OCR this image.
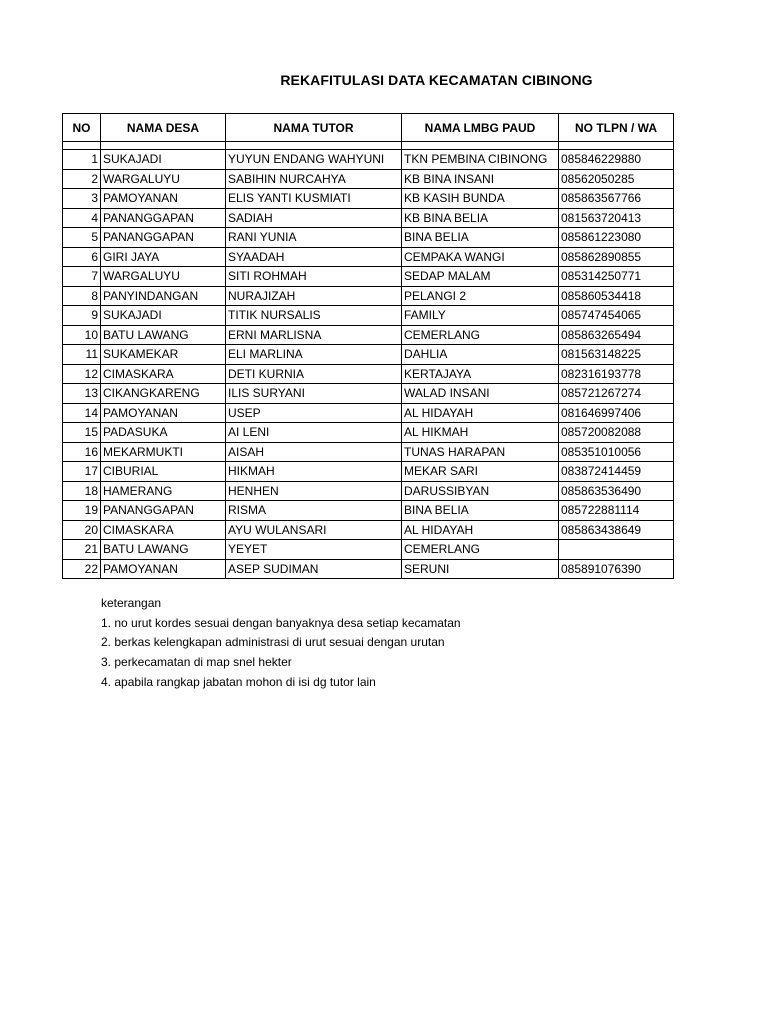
REKAFITULASI DATA KECAMATAN CIBINONG
NO	NAMA DESA	NAMA TUTOR	NAMA LMBG PAUD	NO TLPN / WA

1	SUKAJADI	YUYUN ENDANG WAHYUNI	TKN PEMBINA CIBINONG	085846229880
2	WARGALUYU	SABIHIN NURCAHYA	KB BINA INSANI	08562050285
3	PAMOYANAN	ELIS YANTI KUSMIATI	KB KASIH BUNDA	085863567766
4	PANANGGAPAN	SADIAH	KB BINA BELIA	081563720413
5	PANANGGAPAN	RANI YUNIA	BINA BELIA	085861223080
6	GIRI JAYA	SYAADAH	CEMPAKA WANGI	085862890855
7	WARGALUYU	SITI ROHMAH	SEDAP MALAM	085314250771
8	PANYINDANGAN	NURAJIZAH	PELANGI 2	085860534418
9	SUKAJADI	TITIK NURSALIS	FAMILY	085747454065
10	BATU LAWANG	ERNI MARLISNA	CEMERLANG	085863265494
11	SUKAMEKAR	ELI MARLINA	DAHLIA	081563148225
12	CIMASKARA	DETI KURNIA	KERTAJAYA	082316193778
13	CIKANGKARENG	ILIS SURYANI	WALAD INSANI	085721267274
14	PAMOYANAN	USEP	AL HIDAYAH	081646997406
15	PADASUKA	AI LENI	AL HIKMAH	085720082088
16	MEKARMUKTI	AISAH	TUNAS HARAPAN	085351010056
17	CIBURIAL	HIKMAH	MEKAR SARI	083872414459
18	HAMERANG	HENHEN	DARUSSIBYAN	085863536490
19	PANANGGAPAN	RISMA	BINA BELIA	085722881114
20	CIMASKARA	AYU WULANSARI	AL HIDAYAH	085863438649
21	BATU LAWANG	YEYET	CEMERLANG	
22	PAMOYANAN	ASEP SUDIMAN	SERUNI	085891076390
keterangan
1. no urut kordes sesuai dengan banyaknya desa setiap kecamatan
2. berkas kelengkapan administrasi di urut sesuai dengan urutan
3. perkecamatan di map snel hekter
4. apabila rangkap jabatan mohon di isi dg tutor lain
